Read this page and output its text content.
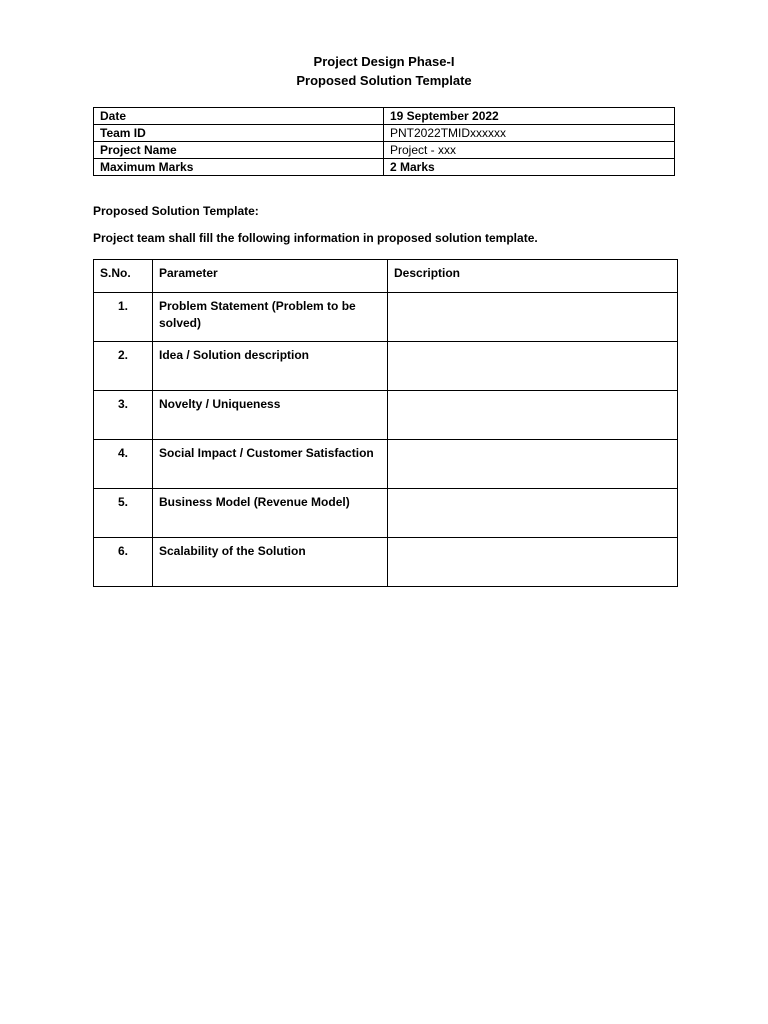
Project Design Phase-I
Proposed Solution Template
Date	19 September 2022
Team ID	PNT2022TMIDxxxxxx
Project Name	Project - xxx
Maximum Marks	2 Marks
Proposed Solution Template:
Project team shall fill the following information in proposed solution template.
S.No.	Parameter	Description
1.	Problem Statement (Problem to be solved)	
2.	Idea / Solution description	
3.	Novelty / Uniqueness	
4.	Social Impact / Customer Satisfaction	
5.	Business Model (Revenue Model)	
6.	Scalability of the Solution	
